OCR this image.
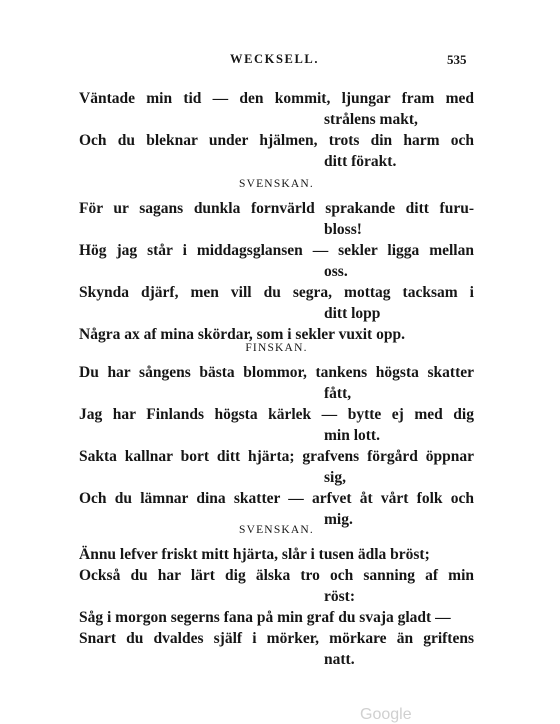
WECKSELL.	535
Väntade min tid — den kommit, ljungar fram med
strålens makt,
Och du bleknar under hjälmen, trots din harm och
ditt förakt.
SVENSKAN.
För ur sagans dunkla fornvärld sprakande ditt furu-
bloss!
Hög jag står i middagsglansen — sekler ligga mellan
oss.
Skynda djärf, men vill du segra, mottag tacksam i
ditt lopp
Några ax af mina skördar, som i sekler vuxit opp.
FINSKAN.
Du har sångens bästa blommor, tankens högsta skatter
fått,
Jag har Finlands högsta kärlek — bytte ej med dig
min lott.
Sakta kallnar bort ditt hjärta; grafvens förgård öppnar
sig,
Och du lämnar dina skatter — arfvet åt vårt folk och
mig.
SVENSKAN.
Ännu lefver friskt mitt hjärta, slår i tusen ädla bröst;
Också du har lärt dig älska tro och sanning af min
röst:
Såg i morgon segerns fana på min graf du svaja gladt —
Snart du dvaldes själf i mörker, mörkare än griftens
natt.
Google
